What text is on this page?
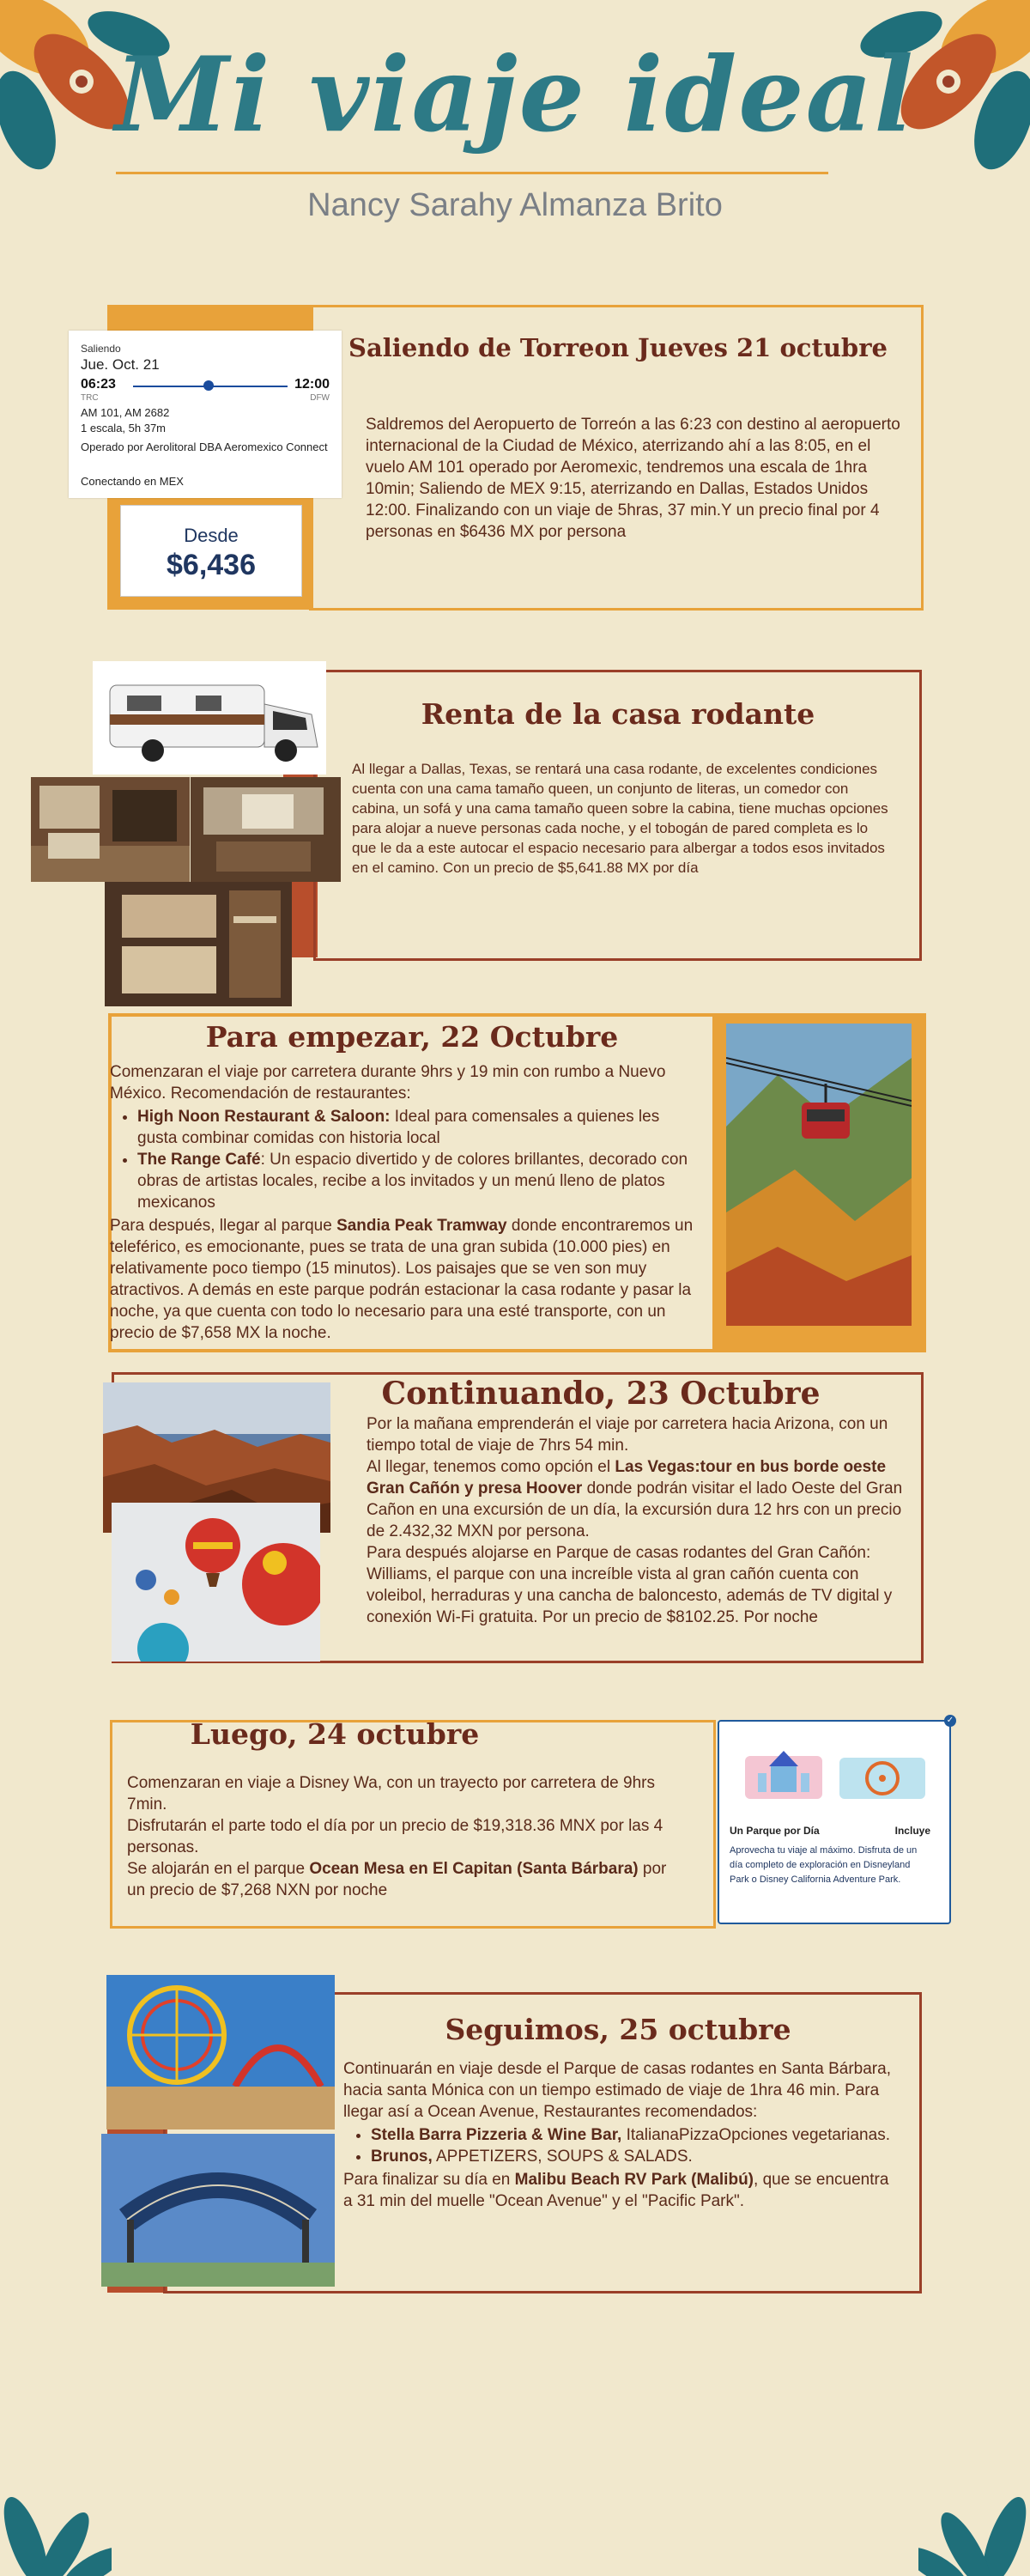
Mi viaje ideal
Nancy Sarahy Almanza Brito
Saliendo
Jue. Oct. 21
06:23	12:00
TRC	DFW
AM 101, AM 2682
1 escala, 5h 37m
Operado por Aerolitoral DBA Aeromexico Connect
Conectando en MEX
Desde
$6,436
Saliendo de Torreon Jueves 21 octubre
Saldremos del Aeropuerto de Torreón a las 6:23 con destino al aeropuerto internacional de la Ciudad de México, aterrizando ahí a las 8:05, en el vuelo AM 101 operado por Aeromexic, tendremos una escala de 1hra 10min; Saliendo de MEX 9:15, aterrizando en Dallas, Estados Unidos 12:00. Finalizando con un viaje de 5hras, 37 min.Y un precio final por 4 personas en $6436 MX por persona
Renta de la casa rodante
Al llegar a Dallas, Texas, se rentará una casa rodante, de excelentes condiciones cuenta con una cama tamaño queen, un conjunto de literas, un comedor con cabina, un sofá y una cama tamaño queen sobre la cabina, tiene muchas opciones para alojar a nueve personas cada noche, y el tobogán de pared completa es lo que le da a este autocar el espacio necesario para albergar a todos esos invitados en el camino. Con un precio de $5,641.88 MX por día
Para empezar, 22 Octubre
Comenzaran el viaje por carretera durante 9hrs y 19 min con rumbo a Nuevo México. Recomendación de restaurantes:
• High Noon Restaurant & Saloon: Ideal para comensales a quienes les gusta combinar comidas con historia local
• The Range Café: Un espacio divertido y de colores brillantes, decorado con obras de artistas locales, recibe a los invitados y un menú lleno de platos mexicanos
Para después, llegar al parque Sandia Peak Tramway donde encontraremos un teleférico, es emocionante, pues se trata de una gran subida (10.000 pies) en relativamente poco tiempo (15 minutos). Los paisajes que se ven son muy atractivos. A demás en este parque podrán estacionar la casa rodante y pasar la noche, ya que cuenta con todo lo necesario para una esté transporte, con un precio de $7,658 MX la noche.
Continuando, 23 Octubre
Por la mañana emprenderán el viaje por carretera hacia Arizona, con un tiempo total de viaje de 7hrs 54 min.
Al llegar, tenemos como opción el Las Vegas:tour en bus borde oeste Gran Cañón y presa Hoover donde podrán visitar el lado Oeste del Gran Cañon en una excursión de un día, la excursión dura 12 hrs con un precio de 2.432,32 MXN por persona.
Para después alojarse en Parque de casas rodantes del Gran Cañón: Williams, el parque con una increíble vista al gran cañón cuenta con voleibol, herraduras y una cancha de baloncesto, además de TV digital y conexión Wi-Fi gratuita. Por un precio de $8102.25. Por noche
Luego, 24 octubre
Comenzaran en viaje a Disney Wa, con un trayecto por carretera de 9hrs 7min.
Disfrutarán el parte todo el día por un precio de $19,318.36 MNX por las 4 personas.
Se alojarán en el parque Ocean Mesa en El Capitan (Santa Bárbara) por un precio de $7,268 NXN por noche
✓
Un Parque por Día	Incluye
Aprovecha tu viaje al máximo. Disfruta de un día completo de exploración en Disneyland Park o Disney California Adventure Park.
Seguimos, 25 octubre
Continuarán en viaje desde el Parque de casas rodantes en Santa Bárbara, hacia santa Mónica con un tiempo estimado de viaje de 1hra 46 min. Para llegar así a Ocean Avenue, Restaurantes recomendados:
• Stella Barra Pizzeria & Wine Bar, ItalianaPizzaOpciones vegetarianas.
• Brunos, APPETIZERS, SOUPS & SALADS.
Para finalizar su día en Malibu Beach RV Park (Malibú), que se encuentra a 31 min del muelle "Ocean Avenue" y el "Pacific Park".
